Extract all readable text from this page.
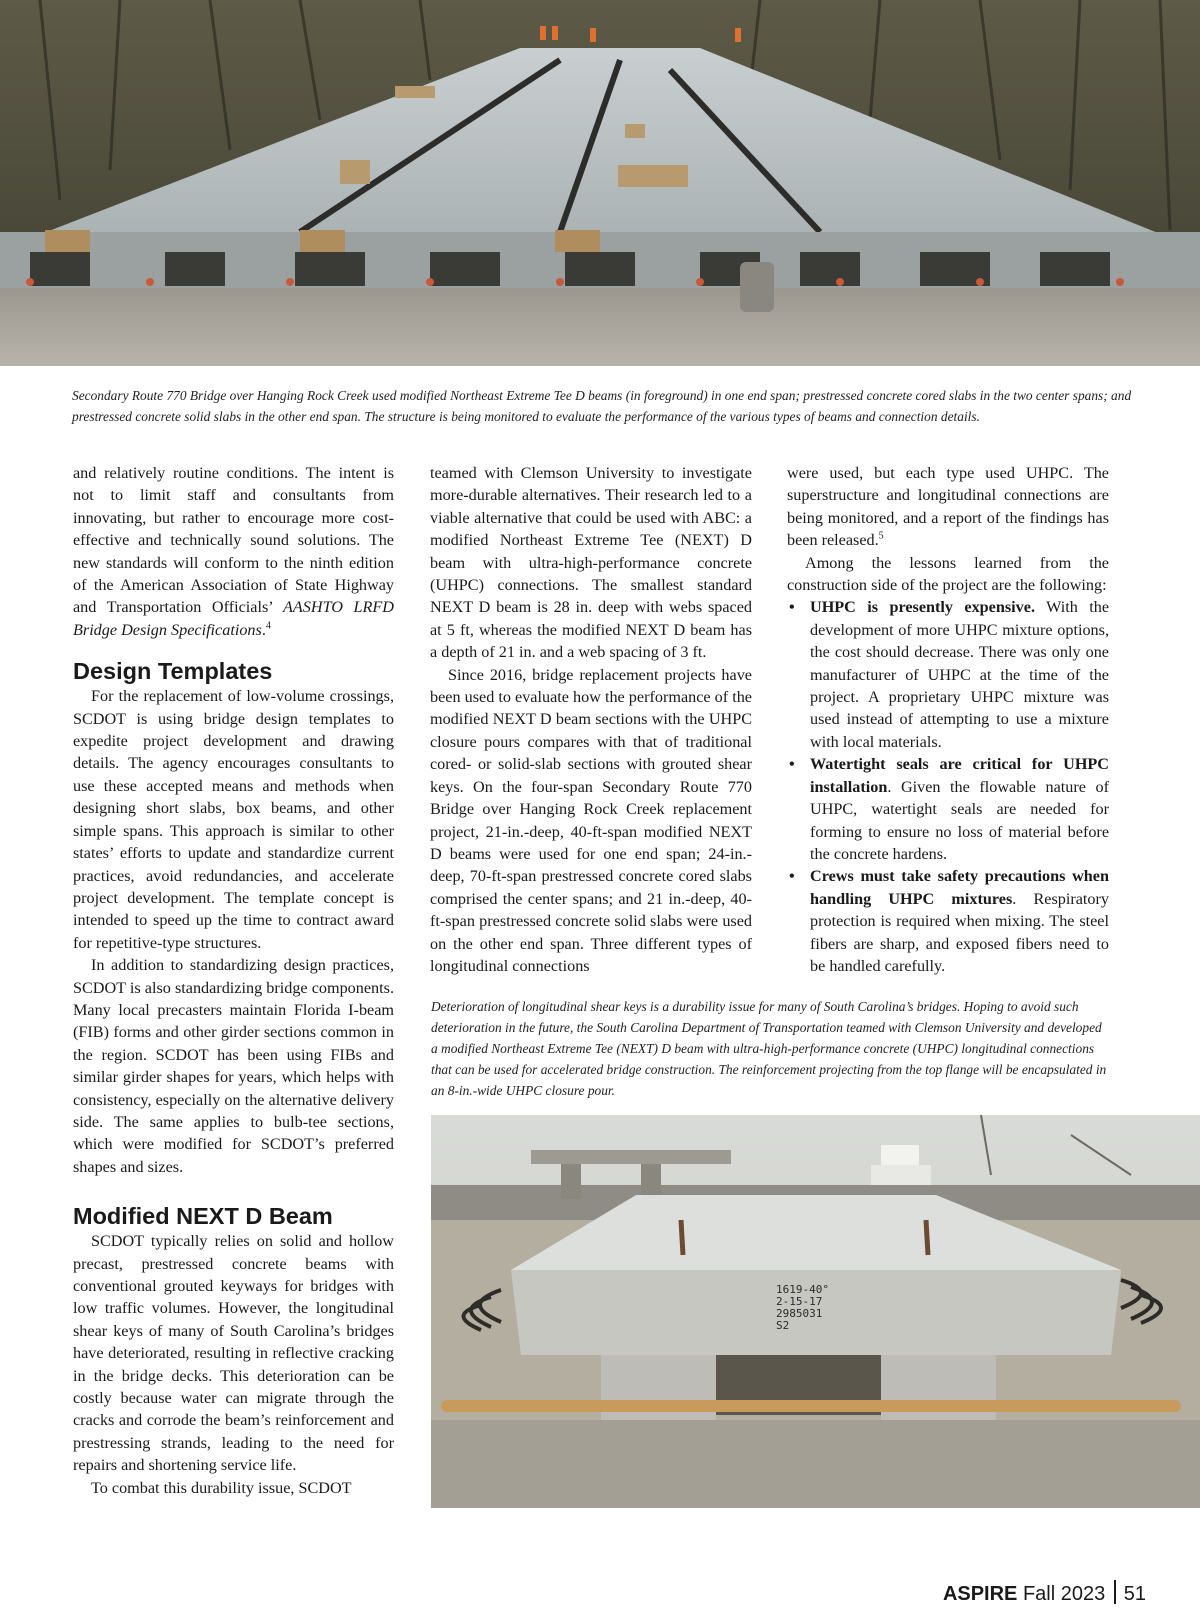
Secondary Route 770 Bridge over Hanging Rock Creek used modified Northeast Extreme Tee D beams (in foreground) in one end span; prestressed concrete cored slabs in the two center spans; and prestressed concrete solid slabs in the other end span. The structure is being monitored to evaluate the performance of the various types of beams and connection details.

and relatively routine conditions. The intent is not to limit staff and consultants from innovating, but rather to encourage more cost-effective and technically sound solutions. The new standards will conform to the ninth edition of the American Association of State Highway and Transportation Officials’ AASHTO LRFD Bridge Design Specifications.$^4$

Design Templates

For the replacement of low-volume crossings, SCDOT is using bridge design templates to expedite project development and drawing details. The agency encourages consultants to use these accepted means and methods when designing short slabs, box beams, and other simple spans. This approach is similar to other states’ efforts to update and standardize current practices, avoid redundancies, and accelerate project development. The template concept is intended to speed up the time to contract award for repetitive-type structures.

In addition to standardizing design practices, SCDOT is also standardizing bridge components. Many local precasters maintain Florida I-beam (FIB) forms and other girder sections common in the region. SCDOT has been using FIBs and similar girder shapes for years, which helps with consistency, especially on the alternative delivery side. The same applies to bulb-tee sections, which were modified for SCDOT’s preferred shapes and sizes.

Modified NEXT D Beam

SCDOT typically relies on solid and hollow precast, prestressed concrete beams with conventional grouted keyways for bridges with low traffic volumes. However, the longitudinal shear keys of many of South Carolina’s bridges have deteriorated, resulting in reflective cracking in the bridge decks. This deterioration can be costly because water can migrate through the cracks and corrode the beam’s reinforcement and prestressing strands, leading to the need for repairs and shortening service life.

To combat this durability issue, SCDOT

teamed with Clemson University to investigate more-durable alternatives. Their research led to a viable alternative that could be used with ABC: a modified Northeast Extreme Tee (NEXT) D beam with ultra-high-performance concrete (UHPC) connections. The smallest standard NEXT D beam is 28 in. deep with webs spaced at 5 ft, whereas the modified NEXT D beam has a depth of 21 in. and a web spacing of 3 ft.

Since 2016, bridge replacement projects have been used to evaluate how the performance of the modified NEXT D beam sections with the UHPC closure pours compares with that of traditional cored- or solid-slab sections with grouted shear keys. On the four-span Secondary Route 770 Bridge over Hanging Rock Creek replacement project, 21-in.-deep, 40-ft-span modified NEXT D beams were used for one end span; 24-in.-deep, 70-ft-span prestressed concrete cored slabs comprised the center spans; and 21 in.-deep, 40-ft-span prestressed concrete solid slabs were used on the other end span. Three different types of longitudinal connections

were used, but each type used UHPC. The superstructure and longitudinal connections are being monitored, and a report of the findings has been released.$^5$

Among the lessons learned from the construction side of the project are the following:

• UHPC is presently expensive. With the development of more UHPC mixture options, the cost should decrease. There was only one manufacturer of UHPC at the time of the project. A proprietary UHPC mixture was used instead of attempting to use a mixture with local materials.
• Watertight seals are critical for UHPC installation. Given the flowable nature of UHPC, watertight seals are needed for forming to ensure no loss of material before the concrete hardens.
• Crews must take safety precautions when handling UHPC mixtures. Respiratory protection is required when mixing. The steel fibers are sharp, and exposed fibers need to be handled carefully.

Deterioration of longitudinal shear keys is a durability issue for many of South Carolina’s bridges. Hoping to avoid such deterioration in the future, the South Carolina Department of Transportation teamed with Clemson University and developed a modified Northeast Extreme Tee (NEXT) D beam with ultra-high-performance concrete (UHPC) longitudinal connections that can be used for accelerated bridge construction. The reinforcement projecting from the top flange will be encapsulated in an 8-in.-wide UHPC closure pour.

1619-40°
2-15-17
2985031
S2
ASPIRE Fall 2023 51
